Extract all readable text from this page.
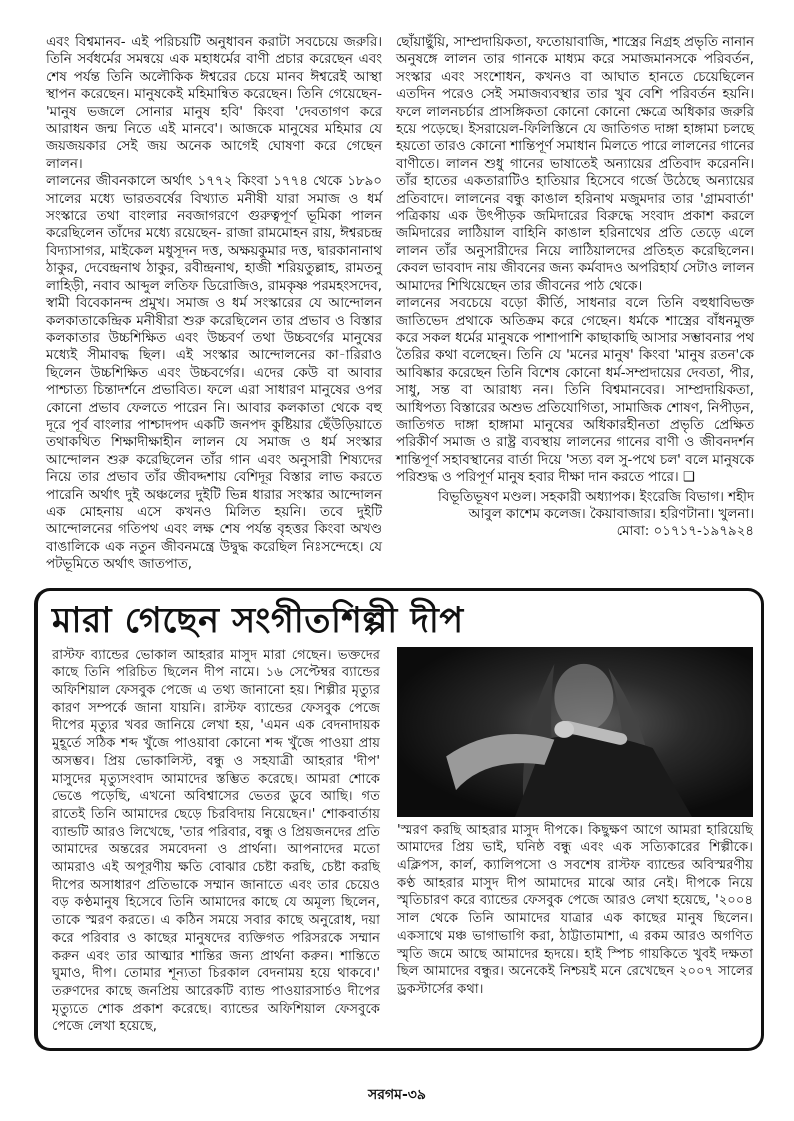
এবং বিশ্বমানব- এই পরিচয়টি অনুধাবন করাটা সবচেয়ে জরুরি। তিনি সর্বধর্মের সমন্বয়ে এক মহাধর্মের বাণী প্রচার করেছেন এবং শেষ পর্যন্ত তিনি অলৌকিক ঈশ্বরের চেয়ে মানব ঈশ্বরেই আস্থা স্থাপন করেছেন। মানুষকেই মহিমান্বিত করেছেন। তিনি গেয়েছেন- 'মানুষ ভজলে সোনার মানুষ হবি' কিংবা 'দেবতাগণ করে আরাধন জন্ম নিতে এই মানবে'। আজকে মানুষের মহিমার যে জয়জয়কার সেই জয় অনেক আগেই ঘোষণা করে গেছেন লালন।

লালনের জীবনকালে অর্থাৎ ১৭৭২ কিংবা ১৭৭৪ থেকে ১৮৯০ সালের মধ্যে ভারতবর্ষের বিখ্যাত মনীষী যারা সমাজ ও ধর্ম সংস্কারে তথা বাংলার নবজাগরণে গুরুত্বপূর্ণ ভূমিকা পালন করেছিলেন তাঁদের মধ্যে রয়েছেন- রাজা রামমোহন রায়, ঈশ্বরচন্দ্র বিদ্যাসাগর, মাইকেল মধুসূদন দত্ত, অক্ষয়কুমার দত্ত, দ্বারকানানাথ ঠাকুর, দেবেন্দ্রনাথ ঠাকুর, রবীন্দ্রনাথ, হাজী শরিয়তুল্লাহ, রামতনু লাহিড়ী, নবাব আব্দুল লতিফ ডিরোজিও, রামকৃষ্ণ পরমহংসদেব, স্বামী বিবেকানন্দ প্রমুখ। সমাজ ও ধর্ম সংস্কারের যে আন্দোলন কলকাতাকেন্দ্রিক মনীষীরা শুরু করেছিলেন তার প্রভাব ও বিস্তার কলকাতার উচ্চশিক্ষিত এবং উচ্চবর্ণ তথা উচ্চবর্গের মানুষের মধ্যেই সীমাবদ্ধ ছিল। এই সংস্কার আন্দোলনের কা-ারিরাও ছিলেন উচ্চশিক্ষিত এবং উচ্চবর্গের। এদের কেউ বা আবার পাশ্চাত্য চিন্তাদর্শনে প্রভাবিত। ফলে এরা সাধারণ মানুষের ওপর কোনো প্রভাব ফেলতে পারেন নি। আবার কলকাতা থেকে বহু দূরে পূর্ব বাংলার পাশ্চাদপদ একটি জনপদ কুষ্টিয়ার ছেঁউড়িয়াতে তথাকথিত শিক্ষাদীক্ষাহীন লালন যে সমাজ ও ধর্ম সংস্কার আন্দোলন শুরু করেছিলেন তাঁর গান এবং অনুসারী শিষ্যদের নিয়ে তার প্রভাব তাঁর জীবদ্দশায় বেশিদূর বিস্তার লাভ করতে পারেনি অর্থাৎ দুই অঞ্চলের দুইটি ভিন্ন ধারার সংস্কার আন্দোলন এক মোহনায় এসে কখনও মিলিত হয়নি। তবে দুইটি আন্দোলনের গতিপথ এবং লক্ষ শেষ পর্যন্ত বৃহত্তর কিংবা অখণ্ড বাঙালিকে এক নতুন জীবনমন্ত্রে উদ্বুদ্ধ করেছিল নিঃসন্দেহে। যে পটভূমিতে অর্থাৎ জাতপাত,

ছোঁয়াছুঁয়ি, সাম্প্রদায়িকতা, ফতোয়াবাজি, শাস্ত্রের নিগ্রহ প্রভৃতি নানান অনুষঙ্গে লালন তার গানকে মাধ্যম করে সমাজমানসকে পরিবর্তন, সংস্কার এবং সংশোধন, কখনও বা আঘাত হানতে চেয়েছিলেন এতদিন পরেও সেই সমাজব্যবস্থার তার খুব বেশি পরিবর্তন হয়নি। ফলে লালনচর্চার প্রাসঙ্গিকতা কোনো কোনো ক্ষেত্রে অধিকার জরুরি হয়ে পড়েছে। ইসরায়েল-ফিলিস্তিনে যে জাতিগত দাঙ্গা হাঙ্গামা চলছে হয়তো তারও কোনো শান্তিপূর্ণ সমাধান মিলতে পারে লালনের গানের বাণীতে। লালন শুধু গানের ভাষাতেই অন্যায়ের প্রতিবাদ করেননি। তাঁর হাতের একতারাটিও হাতিয়ার হিসেবে গর্জে উঠেছে অন্যায়ের প্রতিবাদে। লালনের বন্ধু কাঙাল হরিনাথ মজুমদার তার 'গ্রামবার্তা' পত্রিকায় এক উৎপীড়ক জমিদারের বিরুদ্ধে সংবাদ প্রকাশ করলে জমিদারের লাঠিয়াল বাহিনি কাঙাল হরিনাথের প্রতি তেড়ে এলে লালন তাঁর অনুসারীদের নিয়ে লাঠিয়ালদের প্রতিহত করেছিলেন। কেবল ভাববাদ নায় জীবনের জন্য কর্মবাদও অপরিহার্য সেটাও লালন আমাদের শিখিয়েছেন তার জীবনের পাঠ থেকে।

লালনের সবচেয়ে বড়ো কীর্তি, সাধনার বলে তিনি বহুধাবিভক্ত জাতিভেদ প্রথাকে অতিক্রম করে গেছেন। ধর্মকে শাস্ত্রের বাঁধনমুক্ত করে সকল ধর্মের মানুষকে পাশাপাশি কাছাকাছি আসার সম্ভাবনার পথ তৈরির কথা বলেছেন। তিনি যে 'মনের মানুষ' কিংবা 'মানুষ রতন'কে আবিষ্কার করেছেন তিনি বিশেষ কোনো ধর্ম-সম্প্রদায়ের দেবতা, পীর, সাধু, সন্ত বা আরাধ্য নন। তিনি বিশ্বমানবের। সাম্প্রদায়িকতা, আধিপত্য বিস্তারের অশুভ প্রতিযোগিতা, সামাজিক শোষণ, নিপীড়ন, জাতিগত দাঙ্গা হাঙ্গামা মানুষের অধিকারহীনতা প্রভৃতি প্রেক্ষিত পরিকীর্ণ সমাজ ও রাষ্ট্র ব্যবস্থায় লালনের গানের বাণী ও জীবনদর্শন শান্তিপূর্ণ সহাবস্থানের বার্তা দিয়ে 'সত্য বল সু-পথে চল' বলে মানুষকে পরিশুদ্ধ ও পরিপূর্ণ মানুষ হবার দীক্ষা দান করতে পারে। ❑

বিভূতিভূষণ মণ্ডল। সহকারী অধ্যাপক। ইংরেজি বিভাগ। শহীদ
আবুল কাশেম কলেজ। কৈয়াবাজার। হরিণটানা। খুলনা।
মোবা: ০১৭১৭-১৯৭৯২৪
মারা গেছেন সংগীতশিল্পী দীপ
রাস্টফ ব্যান্ডের ভোকাল আহরার মাসুদ মারা গেছেন। ভক্তদের কাছে তিনি পরিচিত ছিলেন দীপ নামে। ১৬ সেপ্টেম্বর ব্যান্ডের অফিশিয়াল ফেসবুক পেজে এ তথ্য জানানো হয়। শিল্পীর মৃত্যুর কারণ সম্পর্কে জানা যায়নি। রাস্টফ ব্যান্ডের ফেসবুক পেজে দীপের মৃত্যুর খবর জানিয়ে লেখা হয়, 'এমন এক বেদনাদায়ক মুহূর্তে সঠিক শব্দ খুঁজে পাওয়াবা কোনো শব্দ খুঁজে পাওয়া প্রায় অসম্ভব। প্রিয় ভোকালিস্ট, বন্ধু ও সহযাত্রী আহরার 'দীপ' মাসুদের মৃত্যুসংবাদ আমাদের স্তম্ভিত করেছে। আমরা শোকে ভেঙে পড়েছি, এখনো অবিশ্বাসের ভেতর ডুবে আছি। গত রাতেই তিনি আমাদের ছেড়ে চিরবিদায় নিয়েছেন।' শোকবার্তায় ব্যান্ডটি আরও লিখেছে, 'তার পরিবার, বন্ধু ও প্রিয়জনদের প্রতি আমাদের অন্তরের সমবেদনা ও প্রার্থনা। আপনাদের মতো আমরাও এই অপূরণীয় ক্ষতি বোঝার চেষ্টা করছি, চেষ্টা করছি দীপের অসাধারণ প্রতিভাকে সম্মান জানাতে এবং তার চেয়েও বড় কণ্ঠমানুষ হিসেবে তিনি আমাদের কাছে যে অমূল্য ছিলেন, তাকে স্মরণ করতে। এ কঠিন সময়ে সবার কাছে অনুরোধ, দয়া করে পরিবার ও কাছের মানুষদের ব্যক্তিগত পরিসরকে সম্মান করুন এবং তার আত্মার শান্তির জন্য প্রার্থনা করুন। শান্তিতে ঘুমাও, দীপ। তোমার শূন্যতা চিরকাল বেদনাময় হয়ে থাকবে।' তরুণদের কাছে জনপ্রিয় আরেকটি ব্যান্ড পাওয়ারসার্চও দীপের মৃত্যুতে শোক প্রকাশ করেছে। ব্যান্ডের অফিশিয়াল ফেসবুকে পেজে লেখা হয়েছে,
'স্মরণ করছি আহরার মাসুদ দীপকে। কিছুক্ষণ আগে আমরা হারিয়েছি আমাদের প্রিয় ভাই, ঘনিষ্ঠ বন্ধু এবং এক সত্যিকারের শিল্পীকে। এক্লিপস, কার্ল, ক্যালিপসো ও সবশেষ রাস্টফ ব্যান্ডের অবিস্মরণীয় কণ্ঠ আহরার মাসুদ দীপ আমাদের মাঝে আর নেই। দীপকে নিয়ে স্মৃতিচারণ করে ব্যান্ডের ফেসবুক পেজে আরও লেখা হয়েছে, '২০০৪ সাল থেকে তিনি আমাদের যাত্রার এক কাছের মানুষ ছিলেন। একসাথে মঞ্চ ভাগাভাগি করা, ঠাট্টাতামাশা, এ রকম আরও অগণিত স্মৃতি জমে আছে আমাদের হৃদয়ে। হাই স্পিচ গায়কিতে খুবই দক্ষতা ছিল আমাদের বন্ধুর। অনেকেই নিশ্চয়ই মনে রেখেছেন ২০০৭ সালের ড্রকস্টার্সের কথা।
সরগম-৩৯
